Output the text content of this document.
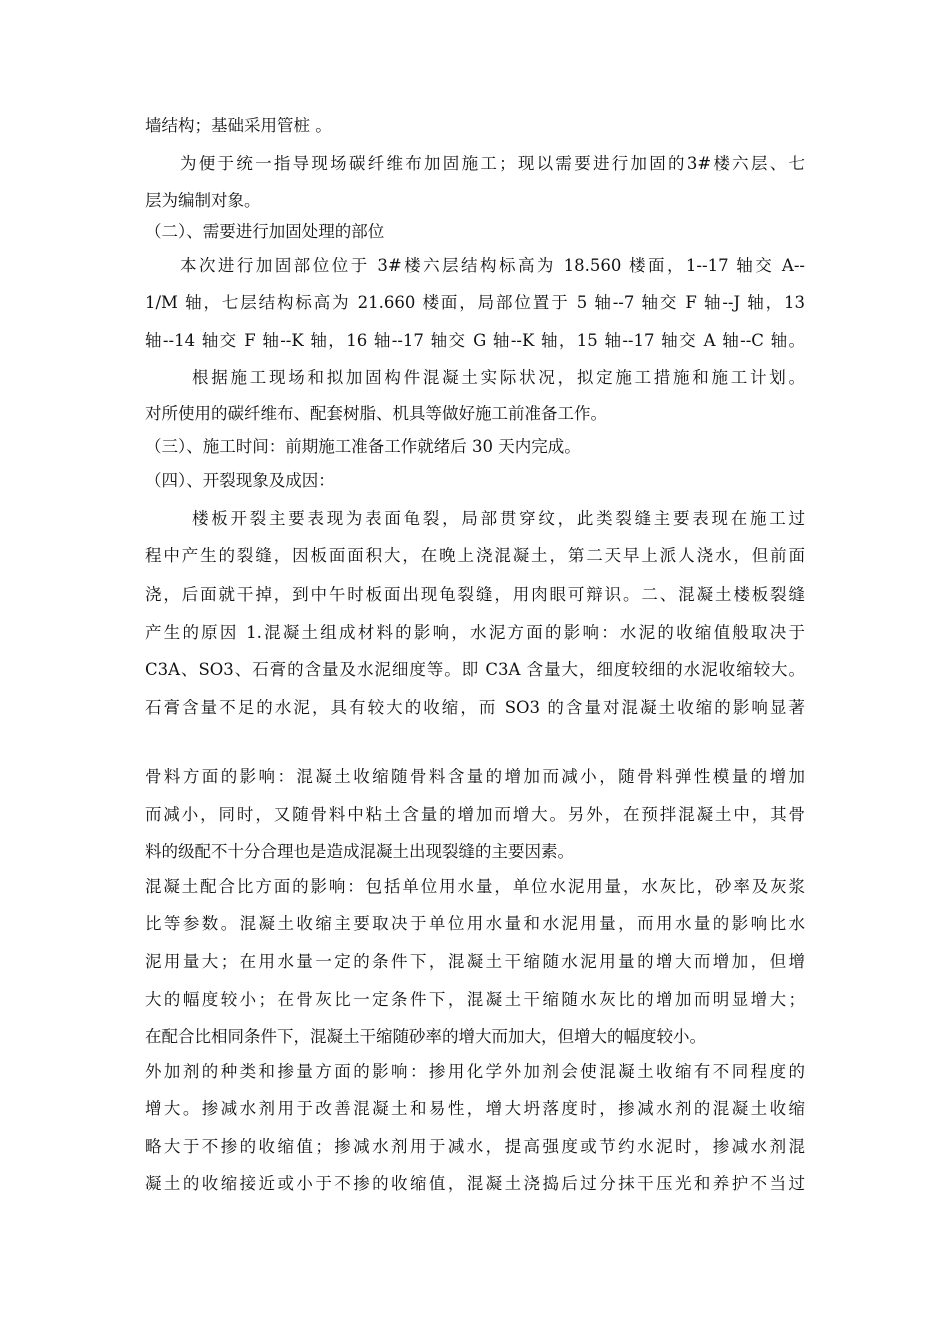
墙结构；基础采用管桩 。
为便于统一指导现场碳纤维布加固施工；现以需要进行加固的3#楼六层、七
层为编制对象。
（二）、需要进行加固处理的部位
本次进行加固部位位于 3#楼六层结构标高为 18.560 楼面，1--17 轴交 A--
1/M 轴，七层结构标高为 21.660 楼面，局部位置于 5 轴--7 轴交 F 轴--J 轴，13
轴--14 轴交 F 轴--K 轴，16 轴--17 轴交 G 轴--K 轴，15 轴--17 轴交 A 轴--C 轴。
根据施工现场和拟加固构件混凝土实际状况，拟定施工措施和施工计划。
对所使用的碳纤维布、配套树脂、机具等做好施工前准备工作。
（三）、施工时间：前期施工准备工作就绪后 30 天内完成。
（四）、开裂现象及成因：
楼板开裂主要表现为表面龟裂，局部贯穿纹，此类裂缝主要表现在施工过
程中产生的裂缝，因板面面积大，在晚上浇混凝土，第二天早上派人浇水，但前面
浇，后面就干掉，到中午时板面出现龟裂缝，用肉眼可辩识。二、混凝土楼板裂缝
产生的原因 1.混凝土组成材料的影响，水泥方面的影响：水泥的收缩值般取决于
C3A、SO3、石膏的含量及水泥细度等。即 C3A 含量大，细度较细的水泥收缩较大。
石膏含量不足的水泥，具有较大的收缩，而 SO3 的含量对混凝土收缩的影响显著
骨料方面的影响：混凝土收缩随骨料含量的增加而减小，随骨料弹性模量的增加
而减小，同时，又随骨料中粘土含量的增加而增大。另外，在预拌混凝土中，其骨
料的级配不十分合理也是造成混凝土出现裂缝的主要因素。
混凝土配合比方面的影响：包括单位用水量，单位水泥用量，水灰比，砂率及灰浆
比等参数。混凝土收缩主要取决于单位用水量和水泥用量，而用水量的影响比水
泥用量大；在用水量一定的条件下，混凝土干缩随水泥用量的增大而增加，但增
大的幅度较小；在骨灰比一定条件下，混凝土干缩随水灰比的增加而明显增大；
在配合比相同条件下，混凝土干缩随砂率的增大而加大，但增大的幅度较小。
外加剂的种类和掺量方面的影响：掺用化学外加剂会使混凝土收缩有不同程度的
增大。掺减水剂用于改善混凝土和易性，增大坍落度时，掺减水剂的混凝土收缩
略大于不掺的收缩值；掺减水剂用于减水，提高强度或节约水泥时，掺减水剂混
凝土的收缩接近或小于不掺的收缩值，混凝土浇捣后过分抹干压光和养护不当过
